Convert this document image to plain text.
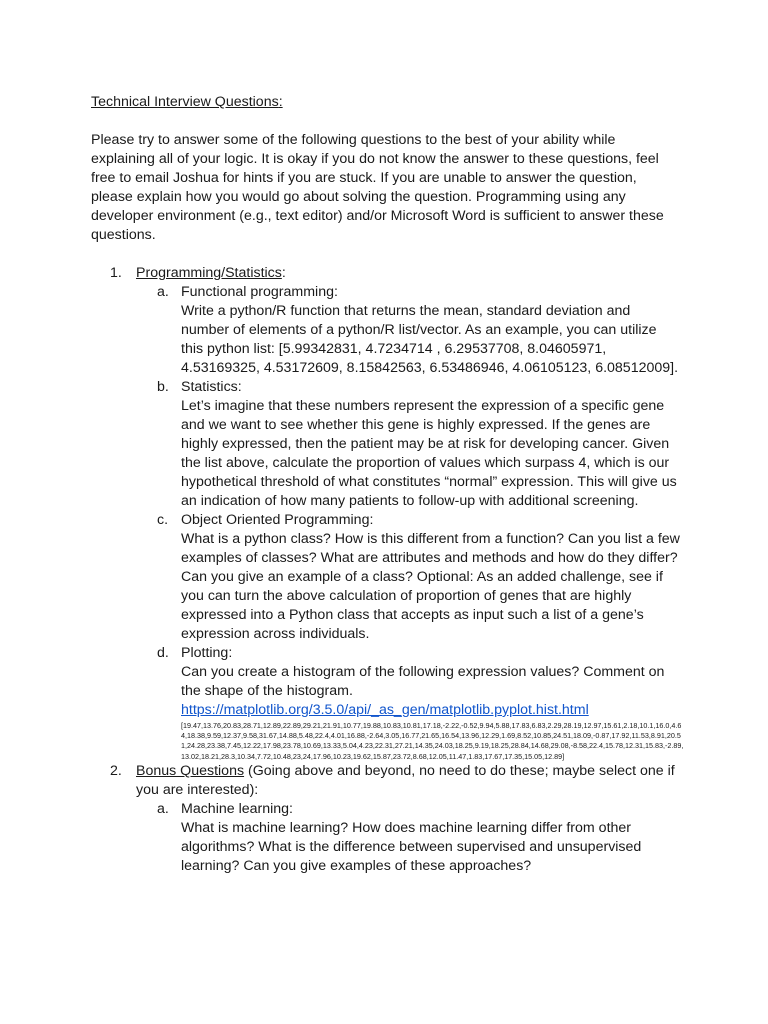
Technical Interview Questions:

Please try to answer some of the following questions to the best of your ability while explaining all of your logic. It is okay if you do not know the answer to these questions, feel free to email Joshua for hints if you are stuck. If you are unable to answer the question, please explain how you would go about solving the question. Programming using any developer environment (e.g., text editor) and/or Microsoft Word is sufficient to answer these questions.

1. Programming/Statistics:
a. Functional programming:
Write a python/R function that returns the mean, standard deviation and number of elements of a python/R list/vector. As an example, you can utilize this python list: [5.99342831, 4.7234714 , 6.29537708, 8.04605971, 4.53169325, 4.53172609, 8.15842563, 6.53486946, 4.06105123, 6.08512009].
b. Statistics:
Let’s imagine that these numbers represent the expression of a specific gene and we want to see whether this gene is highly expressed. If the genes are highly expressed, then the patient may be at risk for developing cancer. Given the list above, calculate the proportion of values which surpass 4, which is our hypothetical threshold of what constitutes “normal” expression. This will give us an indication of how many patients to follow-up with additional screening.
c. Object Oriented Programming:
What is a python class? How is this different from a function? Can you list a few examples of classes? What are attributes and methods and how do they differ? Can you give an example of a class? Optional: As an added challenge, see if you can turn the above calculation of proportion of genes that are highly expressed into a Python class that accepts as input such a list of a gene’s expression across individuals.
d. Plotting:
Can you create a histogram of the following expression values? Comment on the shape of the histogram.
https://matplotlib.org/3.5.0/api/_as_gen/matplotlib.pyplot.hist.html
[19.47,13.76,20.83,28.71,12.89,22.89,29.21,21.91,10.77,19.88,10.83,10.81,17.18,-2.22,-0.52,9.94,5.88,17.83,6.83,2.29,28.19,12.97,15.61,2.18,10.1,16.0,4.64,18.38,9.59,12.37,9.58,31.67,14.88,5.48,22.4,4.01,16.88,-2.64,3.05,16.77,21.65,16.54,13.96,12.29,1.69,8.52,10.85,24.51,18.09,-0.87,17.92,11.53,8.91,20.51,24.28,23.38,7.45,12.22,17.98,23.78,10.69,13.33,5.04,4.23,22.31,27.21,14.35,24.03,18.25,9.19,18.25,28.84,14.68,29.08,-8.58,22.4,15.78,12.31,15.83,-2.89,13.02,18.21,28.3,10.34,7.72,10.48,23,24,17.96,10.23,19.62,15.87,23.72,8.68,12.05,11.47,1.83,17.67,17.35,15.05,12.89]
2. Bonus Questions (Going above and beyond, no need to do these; maybe select one if you are interested):
a. Machine learning:
What is machine learning? How does machine learning differ from other algorithms? What is the difference between supervised and unsupervised learning? Can you give examples of these approaches?
